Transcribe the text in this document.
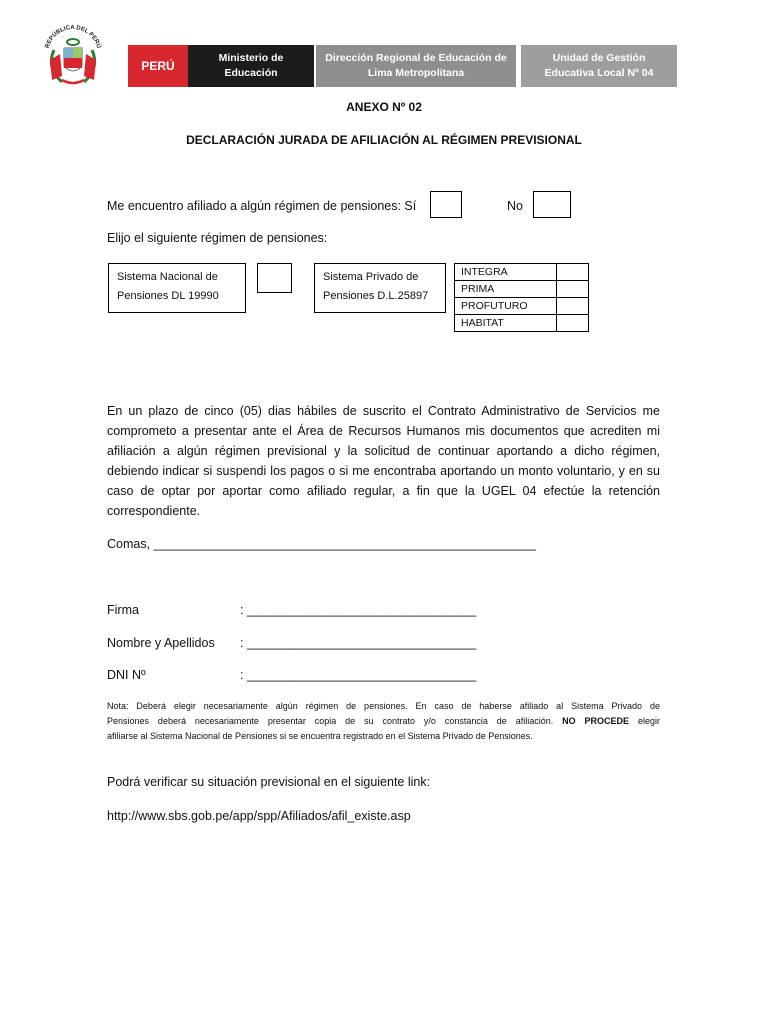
REPÚBLICA DEL PERÚ
PERÚ
Ministerio de Educación
Dirección Regional de Educación de Lima Metropolitana
Unidad de Gestión Educativa Local Nº 04
ANEXO Nº 02
DECLARACIÓN JURADA DE AFILIACIÓN AL RÉGIMEN PREVISIONAL
Me encuentro afiliado a algún régimen de pensiones: Sí	No
Elijo el siguiente régimen de pensiones:
Sistema Nacional de
Pensiones DL 19990
Sistema Privado de
Pensiones D.L.25897
INTEGRA	
PRIMA	
PROFUTURO	
HABITAT	
En un plazo de cinco (05) dias hábiles de suscrito el Contrato Administrativo de Servicios me
comprometo a presentar ante el Área de Recursos Humanos mis documentos que acrediten mi
afiliación a algún régimen previsional y la solicitud de continuar aportando a dicho régimen,
debiendo indicar si suspendi los pagos o si me encontraba aportando un monto voluntario, y en su
caso de optar por aportar como afiliado regular, a fin que la UGEL 04 efectúe la retención
correspondiente.
Comas, _______________________________________________________
Firma	: _________________________________
Nombre y Apellidos : _________________________________
DNI Nº	: _________________________________
Nota: Deberá elegir necesariamente algún régimen de pensiones. En caso de haberse afiliado al Sistema Privado de
Pensiones deberá necesariamente presentar copia de su contrato y/o constancia de afiliación. NO PROCEDE elegir
afiliarse al Sistema Nacional de Pensiones si se encuentra registrado en el Sistema Privado de Pensiones.
Podrá verificar su situación previsional en el siguiente link:
http://www.sbs.gob.pe/app/spp/Afiliados/afil_existe.asp
